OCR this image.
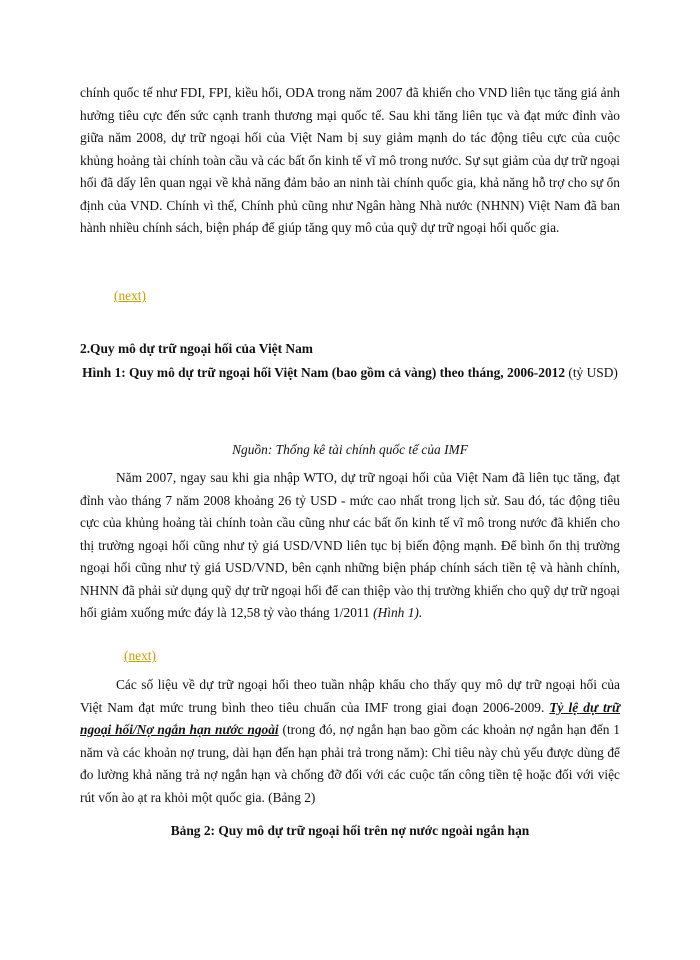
chính quốc tế như FDI, FPI, kiều hối, ODA trong năm 2007 đã khiến cho VND liên tục tăng giá ảnh hưởng tiêu cực đến sức cạnh tranh thương mại quốc tế. Sau khi tăng liên tục và đạt mức đỉnh vào giữa năm 2008, dự trữ ngoại hối của Việt Nam bị suy giảm mạnh do tác động tiêu cực của cuộc khủng hoảng tài chính toàn cầu và các bất ổn kinh tế vĩ mô trong nước. Sự sụt giảm của dự trữ ngoại hối đã dấy lên quan ngại về khả năng đảm bảo an ninh tài chính quốc gia, khả năng hỗ trợ cho sự ổn định của VND. Chính vì thế, Chính phủ cũng như Ngân hàng Nhà nước (NHNN) Việt Nam đã ban hành nhiều chính sách, biện pháp để giúp tăng quy mô của quỹ dự trữ ngoại hối quốc gia.

(next)

2.Quy mô dự trữ ngoại hối của Việt Nam

Hình 1: Quy mô dự trữ ngoại hối Việt Nam (bao gồm cả vàng) theo tháng, 2006-2012 (tỷ USD)

Nguồn: Thống kê tài chính quốc tế của IMF

Năm 2007, ngay sau khi gia nhập WTO, dự trữ ngoại hối của Việt Nam đã liên tục tăng, đạt đỉnh vào tháng 7 năm 2008 khoảng 26 tỷ USD - mức cao nhất trong lịch sử. Sau đó, tác động tiêu cực của khủng hoảng tài chính toàn cầu cũng như các bất ổn kinh tế vĩ mô trong nước đã khiến cho thị trường ngoại hối cũng như tỷ giá USD/VND liên tục bị biến động mạnh. Để bình ổn thị trường ngoại hối cũng như tỷ giá USD/VND, bên cạnh những biện pháp chính sách tiền tệ và hành chính, NHNN đã phải sử dụng quỹ dự trữ ngoại hối để can thiệp vào thị trường khiến cho quỹ dự trữ ngoại hối giảm xuống mức đáy là 12,58 tỷ vào tháng 1/2011 (Hình 1).

(next)

Các số liệu về dự trữ ngoại hối theo tuần nhập khẩu cho thấy quy mô dự trữ ngoại hối của Việt Nam đạt mức trung bình theo tiêu chuẩn của IMF trong giai đoạn 2006-2009. Tỷ lệ dự trữ ngoại hối/Nợ ngắn hạn nước ngoài (trong đó, nợ ngắn hạn bao gồm các khoản nợ ngắn hạn đến 1 năm và các khoản nợ trung, dài hạn đến hạn phải trả trong năm): Chỉ tiêu này chủ yếu được dùng để đo lường khả năng trả nợ ngắn hạn và chống đỡ đối với các cuộc tấn công tiền tệ hoặc đối với việc rút vốn ào ạt ra khỏi một quốc gia. (Bảng 2)

Bảng 2: Quy mô dự trữ ngoại hối trên nợ nước ngoài ngắn hạn
